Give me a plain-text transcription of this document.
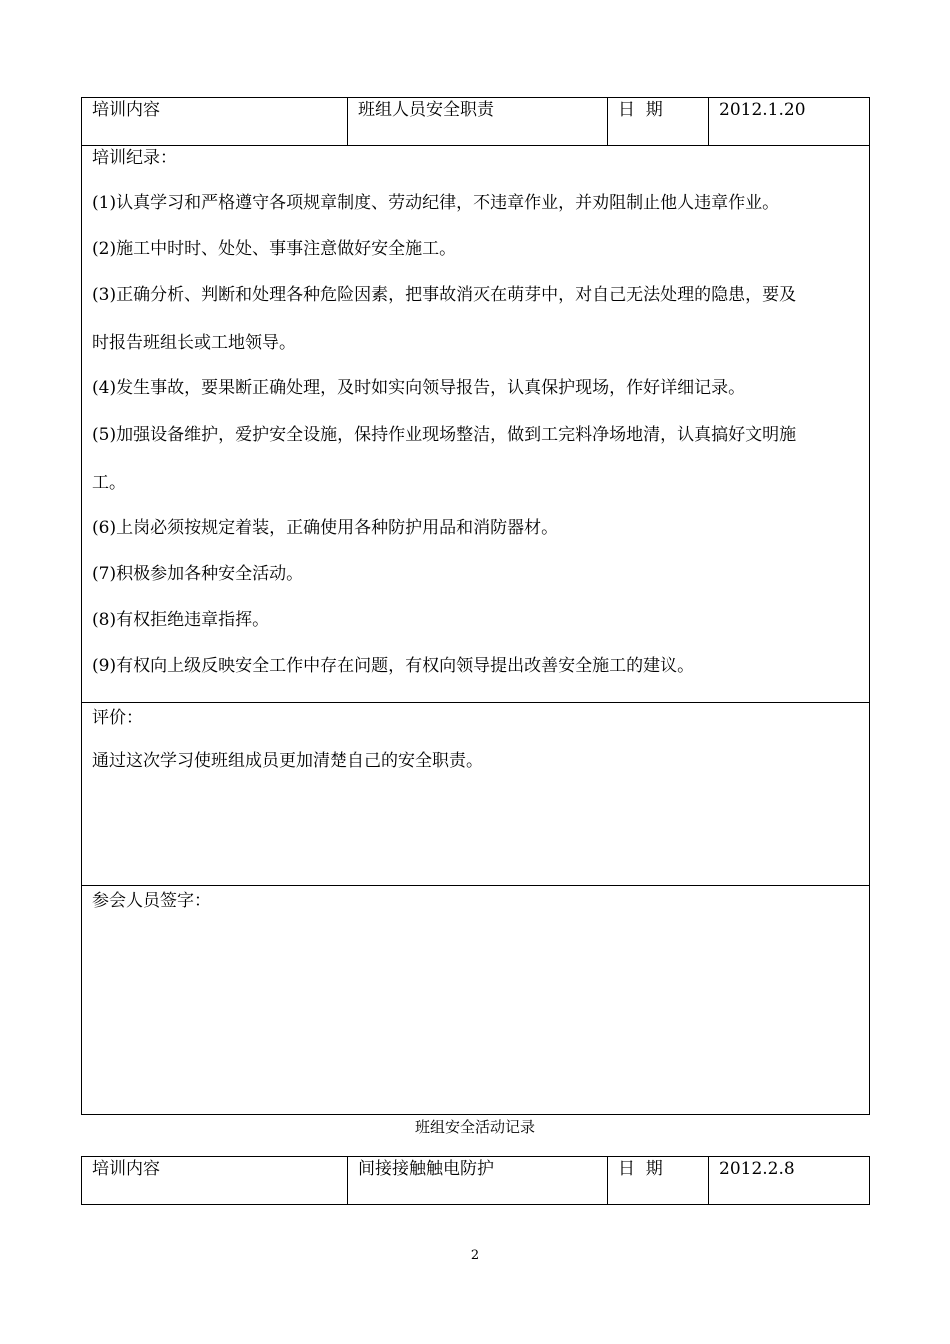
培训内容	班组人员安全职责	日  期	2012.1.20

培训纪录：
(1)认真学习和严格遵守各项规章制度、劳动纪律，不违章作业，并劝阻制止他人违章作业。
(2)施工中时时、处处、事事注意做好安全施工。
(3)正确分析、判断和处理各种危险因素，把事故消灭在萌芽中，对自己无法处理的隐患，要及
时报告班组长或工地领导。
(4)发生事故，要果断正确处理，及时如实向领导报告，认真保护现场，作好详细记录。
(5)加强设备维护，爱护安全设施，保持作业现场整洁，做到工完料净场地清，认真搞好文明施
工。
(6)上岗必须按规定着装，正确使用各种防护用品和消防器材。
(7)积极参加各种安全活动。
(8)有权拒绝违章指挥。
(9)有权向上级反映安全工作中存在问题，有权向领导提出改善安全施工的建议。

评价：
通过这次学习使班组成员更加清楚自己的安全职责。

参会人员签字：
班组安全活动记录
培训内容	间接接触触电防护	日  期	2012.2.8
2
